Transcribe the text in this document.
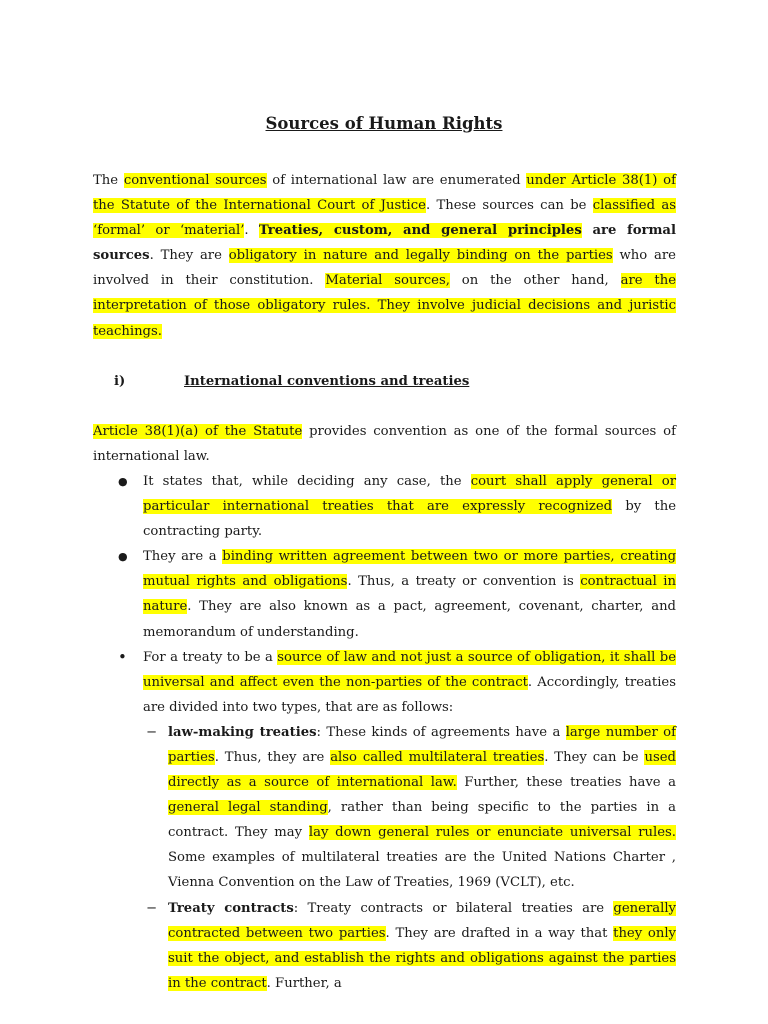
Sources of Human Rights

The conventional sources of international law are enumerated under Article 38(1) of the Statute of the International Court of Justice. These sources can be classified as ‘formal’ or ‘material’. Treaties, custom, and general principles are formal sources. They are obligatory in nature and legally binding on the parties who are involved in their constitution. Material sources, on the other hand, are the interpretation of those obligatory rules. They involve judicial decisions and juristic teachings.

i)	International conventions and treaties

Article 38(1)(a) of the Statute provides convention as one of the formal sources of international law.

● It states that, while deciding any case, the court shall apply general or particular international treaties that are expressly recognized by the contracting party.
● They are a binding written agreement between two or more parties, creating mutual rights and obligations. Thus, a treaty or convention is contractual in nature. They are also known as a pact, agreement, covenant, charter, and memorandum of understanding.
• For a treaty to be a source of law and not just a source of obligation, it shall be universal and affect even the non-parties of the contract. Accordingly, treaties are divided into two types, that are as follows:
− law-making treaties: These kinds of agreements have a large number of parties. Thus, they are also called multilateral treaties. They can be used directly as a source of international law. Further, these treaties have a general legal standing, rather than being specific to the parties in a contract. They may lay down general rules or enunciate universal rules. Some examples of multilateral treaties are the United Nations Charter , Vienna Convention on the Law of Treaties, 1969 (VCLT), etc.
− Treaty contracts: Treaty contracts or bilateral treaties are generally contracted between two parties. They are drafted in a way that they only suit the object, and establish the rights and obligations against the parties in the contract. Further, a
